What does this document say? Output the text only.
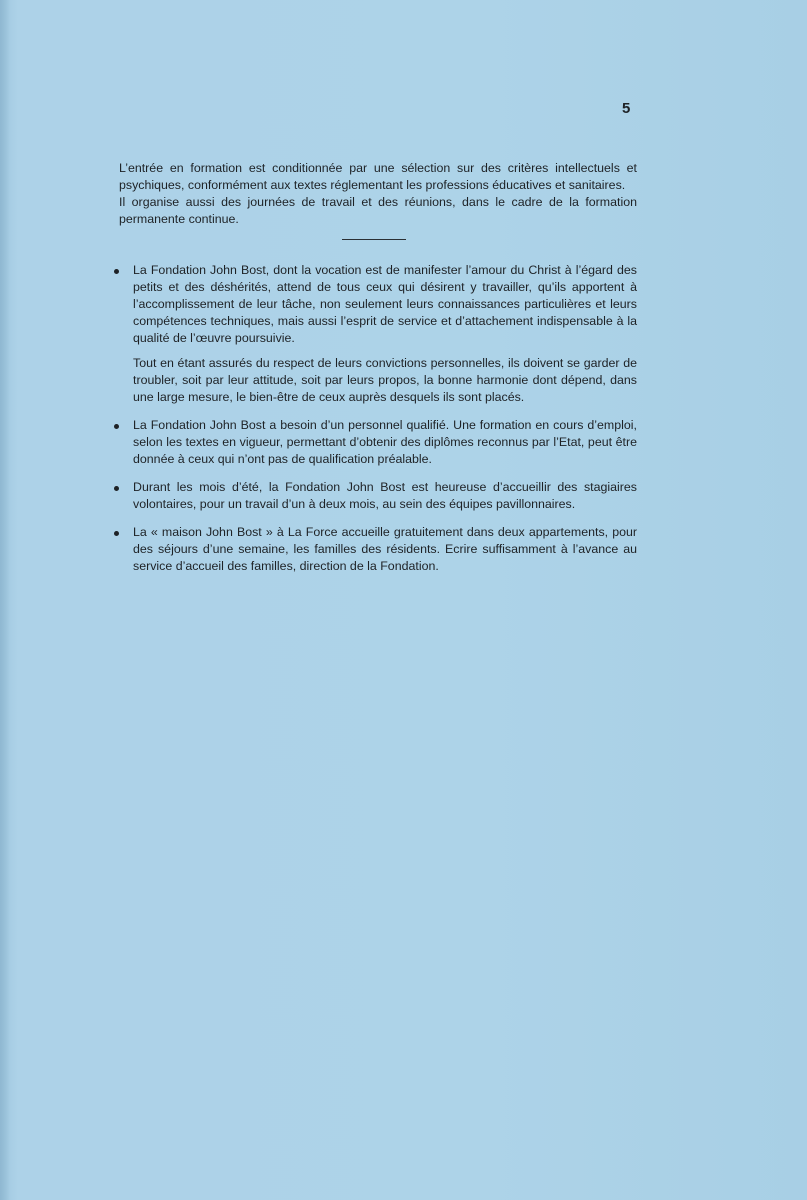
5

L’entrée en formation est conditionnée par une sélection sur des critères intellectuels et psychiques, conformément aux textes réglementant les professions éducatives et sanitaires.

Il organise aussi des journées de travail et des réunions, dans le cadre de la formation permanente continue.

La Fondation John Bost, dont la vocation est de manifester l’amour du Christ à l’égard des petits et des déshérités, attend de tous ceux qui désirent y travailler, qu’ils apportent à l’accomplissement de leur tâche, non seulement leurs connaissances particulières et leurs compétences techniques, mais aussi l’esprit de service et d’attachement indispensable à la qualité de l’œuvre poursuivie.

Tout en étant assurés du respect de leurs convictions personnelles, ils doivent se garder de troubler, soit par leur attitude, soit par leurs propos, la bonne harmonie dont dépend, dans une large mesure, le bien-être de ceux auprès desquels ils sont placés.

La Fondation John Bost a besoin d’un personnel qualifié. Une formation en cours d’emploi, selon les textes en vigueur, permettant d’obtenir des diplômes reconnus par l’Etat, peut être donnée à ceux qui n’ont pas de qualification préalable.

Durant les mois d’été, la Fondation John Bost est heureuse d’accueillir des stagiaires volontaires, pour un travail d’un à deux mois, au sein des équipes pavillonnaires.

La « maison John Bost » à La Force accueille gratuitement dans deux appartements, pour des séjours d’une semaine, les familles des résidents. Ecrire suffisamment à l’avance au service d’accueil des familles, direction de la Fondation.
